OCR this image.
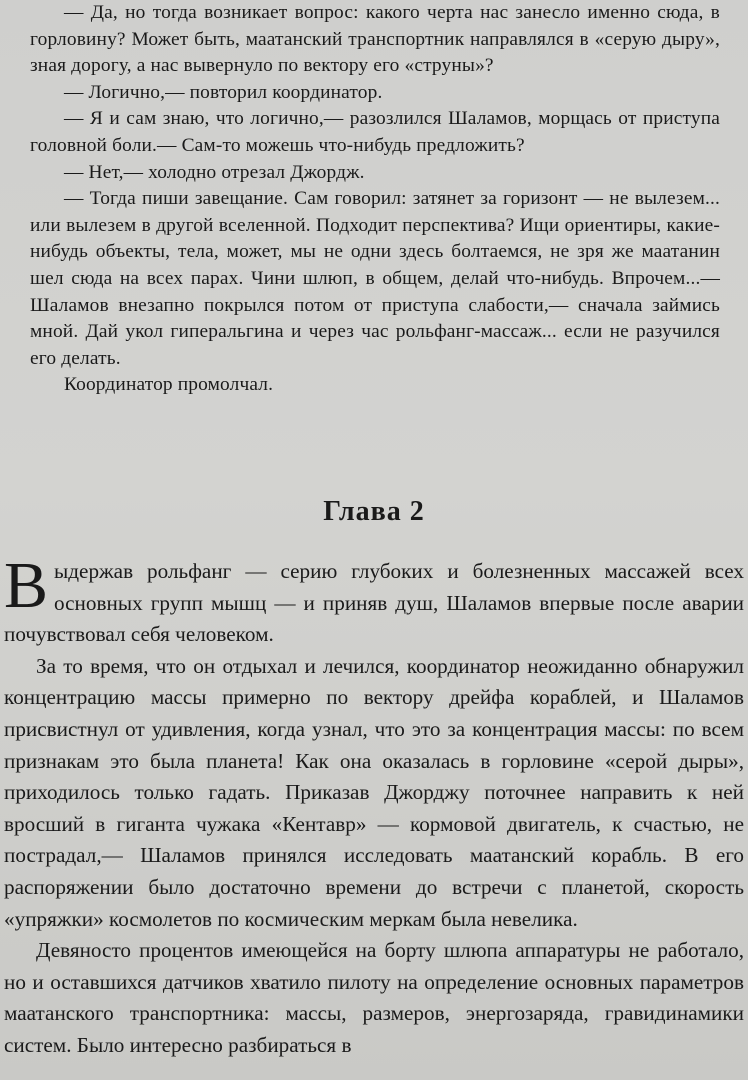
— Да, но тогда возникает вопрос: какого черта нас занесло именно сюда, в горловину? Может быть, маатанский транспортник направлялся в «серую дыру», зная дорогу, а нас вывернуло по вектору его «струны»?

— Логично,— повторил координатор.

— Я и сам знаю, что логично,— разозлился Шаламов, морщась от приступа головной боли.— Сам-то можешь что-нибудь предложить?

— Нет,— холодно отрезал Джордж.

— Тогда пиши завещание. Сам говорил: затянет за горизонт — не вылезем... или вылезем в другой вселенной. Подходит перспектива? Ищи ориентиры, какие-нибудь объекты, тела, может, мы не одни здесь болтаемся, не зря же маатанин шел сюда на всех парах. Чини шлюп, в общем, делай что-нибудь. Впрочем...— Шаламов внезапно покрылся потом от приступа слабости,— сначала займись мной. Дай укол гиперальгина и через час рольфанг-массаж... если не разучился его делать.

Координатор промолчал.

Глава 2

Выдержав рольфанг — серию глубоких и болезненных массажей всех основных групп мышц — и приняв душ, Шаламов впервые после аварии почувствовал себя человеком.

За то время, что он отдыхал и лечился, координатор неожиданно обнаружил концентрацию массы примерно по вектору дрейфа кораблей, и Шаламов присвистнул от удивления, когда узнал, что это за концентрация массы: по всем признакам это была планета! Как она оказалась в горловине «серой дыры», приходилось только гадать. Приказав Джорджу поточнее направить к ней вросший в гиганта чужака «Кентавр» — кормовой двигатель, к счастью, не пострадал,— Шаламов принялся исследовать маатанский корабль. В его распоряжении было достаточно времени до встречи с планетой, скорость «упряжки» космолетов по космическим меркам была невелика.

Девяносто процентов имеющейся на борту шлюпа аппаратуры не работало, но и оставшихся датчиков хватило пилоту на определение основных параметров маатанского транспортника: массы, размеров, энергозаряда, гравидинамики систем. Было интересно разбираться в
